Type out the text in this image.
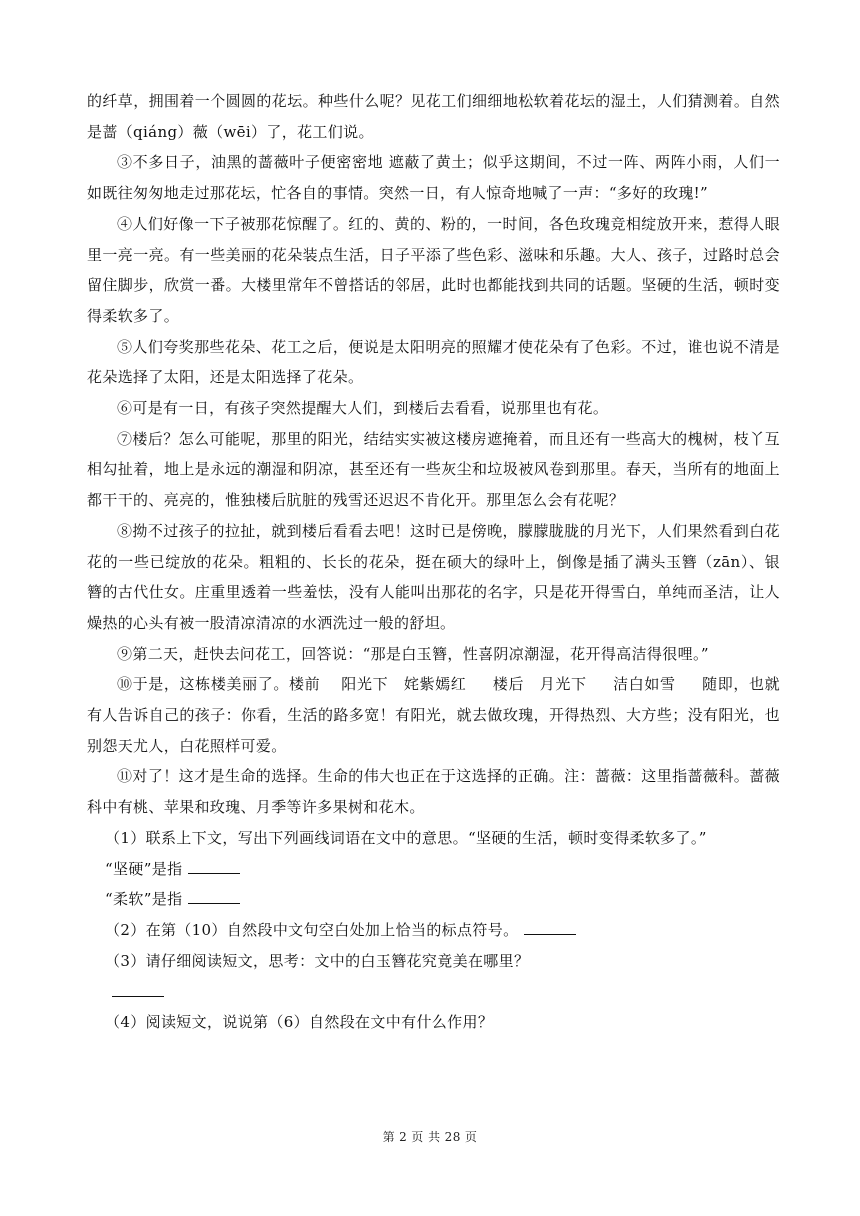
的纤草，拥围着一个圆圆的花坛。种些什么呢？见花工们细细地松软着花坛的湿土，人们猜测着。自然是蔷（qiáng）薇（wēi）了，花工们说。

③不多日子，油黑的蔷薇叶子便密密地 遮蔽了黄土；似乎这期间，不过一阵、两阵小雨，人们一如既往匆匆地走过那花坛，忙各自的事情。突然一日，有人惊奇地喊了一声：“多好的玫瑰!”

④人们好像一下子被那花惊醒了。红的、黄的、粉的，一时间，各色玫瑰竞相绽放开来，惹得人眼里一亮一亮。有一些美丽的花朵装点生活，日子平添了些色彩、滋味和乐趣。大人、孩子，过路时总会留住脚步，欣赏一番。大楼里常年不曾搭话的邻居，此时也都能找到共同的话题。坚硬的生活，顿时变得柔软多了。

⑤人们夸奖那些花朵、花工之后，便说是太阳明亮的照耀才使花朵有了色彩。不过，谁也说不清是花朵选择了太阳，还是太阳选择了花朵。

⑥可是有一日，有孩子突然提醒大人们，到楼后去看看，说那里也有花。

⑦楼后？怎么可能呢，那里的阳光，结结实实被这楼房遮掩着，而且还有一些高大的槐树，枝丫互相勾扯着，地上是永远的潮湿和阴凉，甚至还有一些灰尘和垃圾被风卷到那里。春天，当所有的地面上都干干的、亮亮的，惟独楼后肮脏的残雪还迟迟不肯化开。那里怎么会有花呢？

⑧拗不过孩子的拉扯，就到楼后看看去吧！这时已是傍晚，朦朦胧胧的月光下，人们果然看到白花花的一些已绽放的花朵。粗粗的、长长的花朵，挺在硕大的绿叶上，倒像是插了满头玉簪（zān）、银簪的古代仕女。庄重里透着一些羞怯，没有人能叫出那花的名字，只是花开得雪白，单纯而圣洁，让人燥热的心头有被一股清凉清凉的水洒洗过一般的舒坦。

⑨第二天，赶快去问花工，回答说：“那是白玉簪，性喜阴凉潮湿，花开得高洁得很哩。”

⑩于是，这栋楼美丽了。楼前 　阳光下　姹紫嫣红 　 楼后　月光下 　 洁白如雪 　 随即，也就有人告诉自己的孩子：你看，生活的路多宽！有阳光，就去做玫瑰，开得热烈、大方些；没有阳光，也别怨天尤人，白花照样可爱。

⑪对了！这才是生命的选择。生命的伟大也正在于这选择的正确。注：蔷薇：这里指蔷薇科。蔷薇科中有桃、苹果和玫瑰、月季等许多果树和花木。

（1）联系上下文，写出下列画线词语在文中的意思。“坚硬的生活，顿时变得柔软多了。”

“坚硬”是指

“柔软”是指

（2）在第（10）自然段中文句空白处加上恰当的标点符号。

（3）请仔细阅读短文，思考：文中的白玉簪花究竟美在哪里？

（4）阅读短文，说说第（6）自然段在文中有什么作用？

第 2 页 共 28 页
